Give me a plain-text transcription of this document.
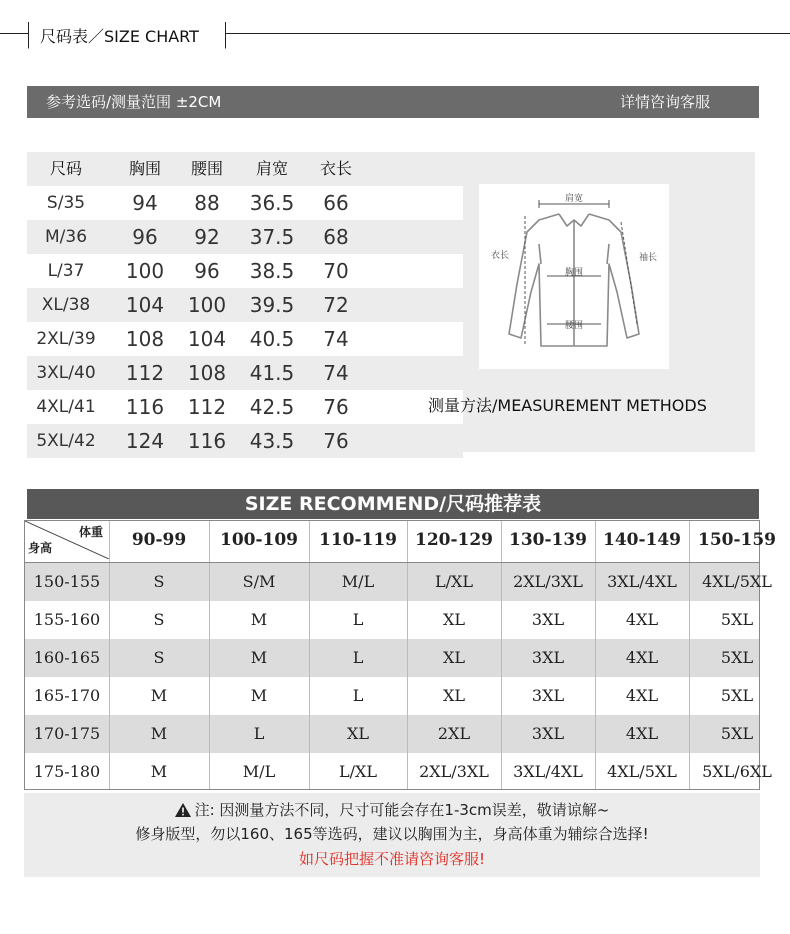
尺码表／SIZE CHART
参考选码/测量范围 ±2CM	详情咨询客服
肩宽
衣长
胸围
腰围
袖长
测量方法/MEASUREMENT METHODS
尺码	胸围	腰围	肩宽	衣长
S/35	94	88	36.5	66
M/36	96	92	37.5	68
L/37	100	96	38.5	70
XL/38	104	100	39.5	72
2XL/39	108	104	40.5	74
3XL/40	112	108	41.5	74
4XL/41	116	112	42.5	76
5XL/42	124	116	43.5	76
SIZE RECOMMEND/尺码推荐表
体重
身高	90-99	100-109	110-119	120-129 130-139 140-149 150-159
150-155	S	S/M	M/L	L/XL	2XL/3XL	3XL/4XL	4XL/5XL
155-160	S	M	L	XL	3XL	4XL	5XL
160-165	S	M	L	XL	3XL	4XL	5XL
165-170	M	M	L	XL	3XL	4XL	5XL
170-175	M	L	XL	2XL	3XL	4XL	5XL
175-180	M	M/L	L/XL	2XL/3XL	3XL/4XL	4XL/5XL	5XL/6XL
注: 因测量方法不同，尺寸可能会存在1-3cm误差，敬请谅解~
修身版型，勿以160、165等选码，建议以胸围为主，身高体重为辅综合选择!
如尺码把握不准请咨询客服!
